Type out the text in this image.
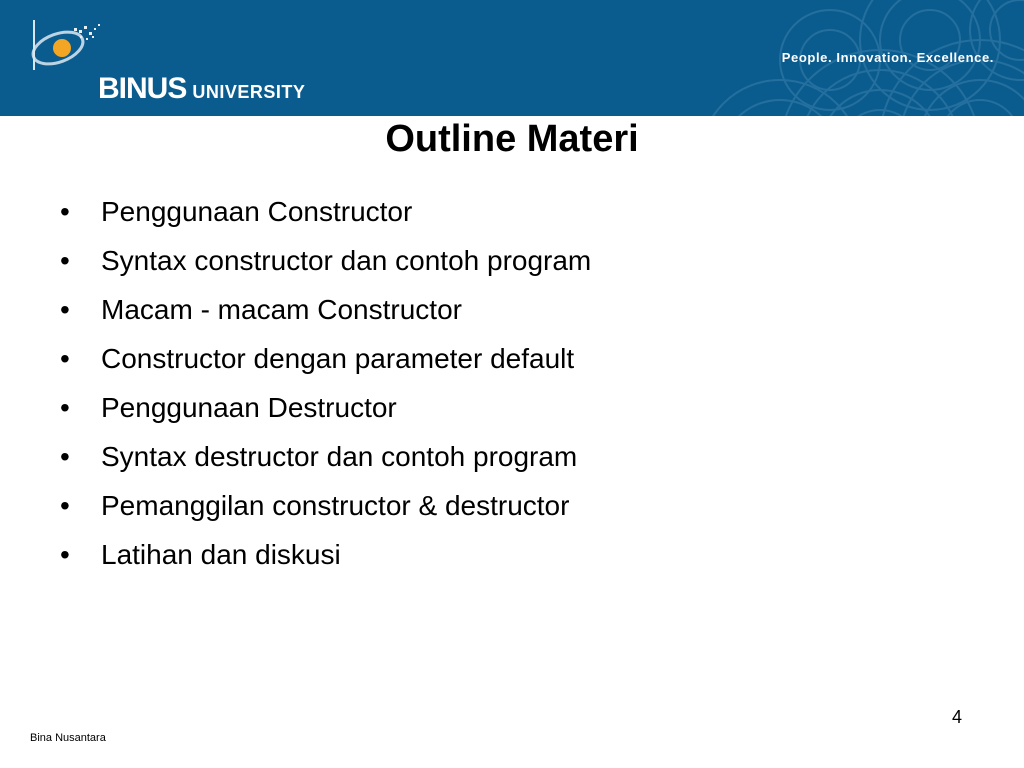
BINUS UNIVERSITY
People. Innovation. Excellence.
Outline Materi
•	Penggunaan Constructor
•	Syntax constructor dan contoh program
•	Macam - macam Constructor
•	Constructor dengan parameter default
•	Penggunaan Destructor
•	Syntax destructor dan contoh program
•	Pemanggilan constructor & destructor
•	Latihan dan diskusi
4
Bina Nusantara
